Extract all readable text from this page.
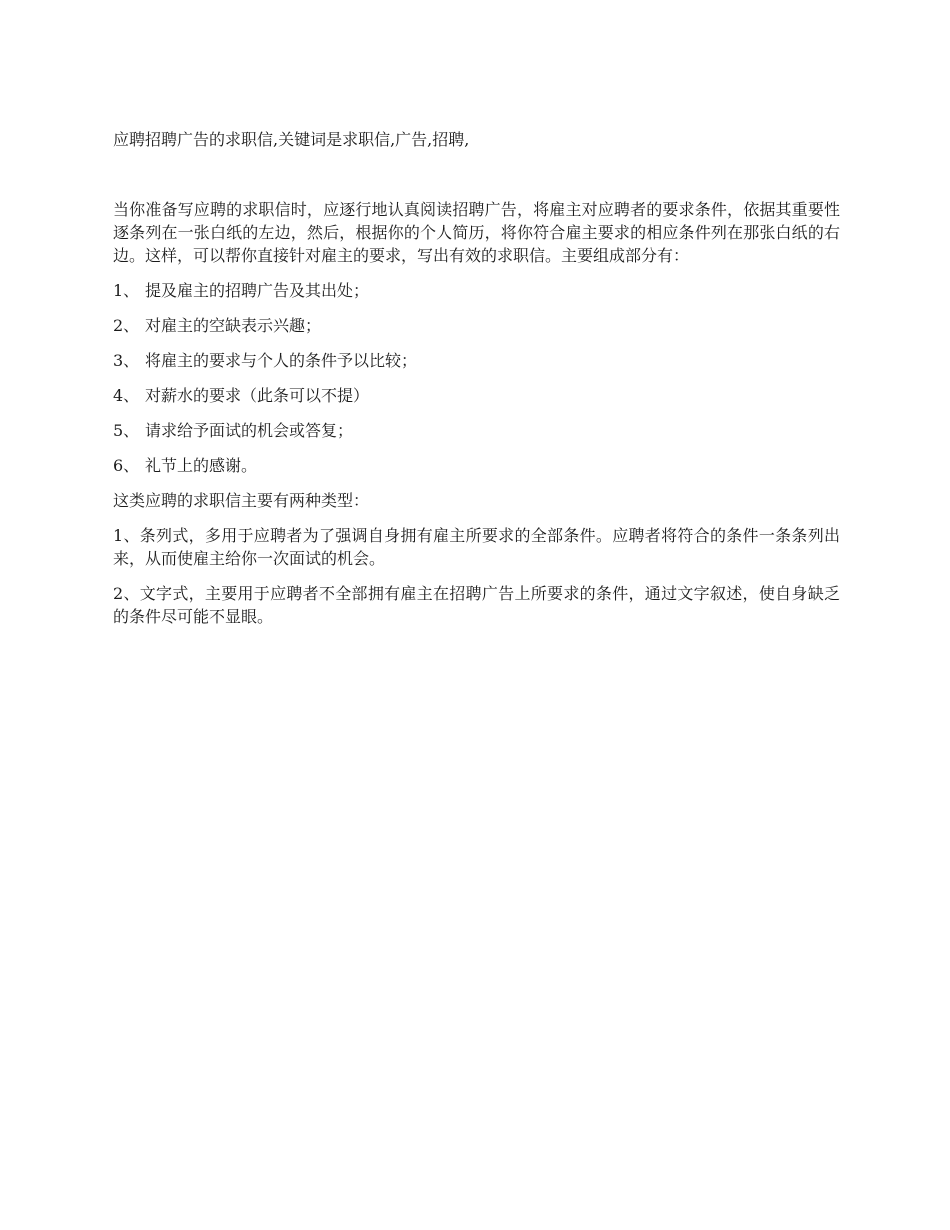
应聘招聘广告的求职信,关键词是求职信,广告,招聘,

当你准备写应聘的求职信时，应逐行地认真阅读招聘广告，将雇主对应聘者的要求条件，依据其重要性逐条列在一张白纸的左边，然后，根据你的个人简历，将你符合雇主要求的相应条件列在那张白纸的右边。这样，可以帮你直接针对雇主的要求，写出有效的求职信。主要组成部分有：

1、 提及雇主的招聘广告及其出处；
2、 对雇主的空缺表示兴趣；
3、 将雇主的要求与个人的条件予以比较；
4、 对薪水的要求（此条可以不提）
5、 请求给予面试的机会或答复；
6、 礼节上的感谢。

这类应聘的求职信主要有两种类型：

1、条列式，多用于应聘者为了强调自身拥有雇主所要求的全部条件。应聘者将符合的条件一条条列出来，从而使雇主给你一次面试的机会。
2、文字式，主要用于应聘者不全部拥有雇主在招聘广告上所要求的条件，通过文字叙述，使自身缺乏的条件尽可能不显眼。
